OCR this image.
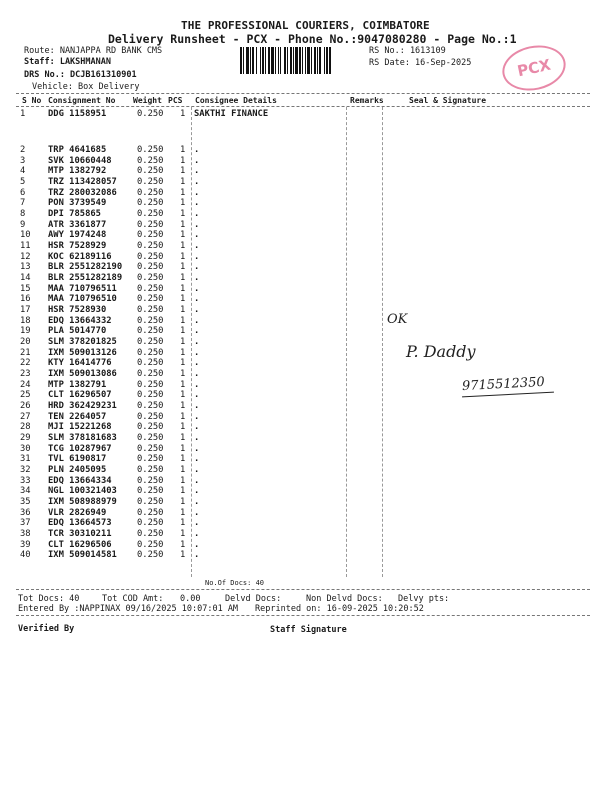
THE PROFESSIONAL COURIERS, COIMBATORE
Delivery Runsheet - PCX - Phone No.:9047080280 - Page No.:1
Route: NANJAPPA RD BANK CMS
Staff: LAKSHMANAN
DRS No.: DCJB161310901
Vehicle: Box Delivery
RS No.: 1613109
RS Date: 16-Sep-2025	PCX
S No Consignment No Weight PCS Consignee Details	Remarks	Seal & Signature
1	DDG 1158951	0.250 1 SAKTHI FINANCE
2	TRP 4641685	0.250 1 .
3	SVK 10660448	0.250 1 .
4	MTP 1382792	0.250 1 .
5	TRZ 113428057 0.250 1 .
6	TRZ 280032086 0.250 1 .
7	PON 3739549	0.250 1 .
8	DPI 785865	0.250 1 .
9	ATR 3361877	0.250 1 .
10 AWY 1974248	0.250 1 .
11 HSR 7528929	0.250 1 .
12 KOC 62189116	0.250 1 .
13 BLR 2551282190 0.250 1 .
14 BLR 2551282189 0.250 1 .
15 MAA 710796511 0.250 1 .
16 MAA 710796510 0.250 1 .
17 HSR 7528930	0.250 1 .
18 EDQ 13664332	0.250 1 .
19 PLA 5014770	0.250 1 .
20 SLM 378201825 0.250 1 .
21 IXM 509013126 0.250 1 .
22 KTY 16414776	0.250 1 .
23 IXM 509013086 0.250 1 .
24 MTP 1382791	0.250 1 .
25 CLT 16296507	0.250 1 .
26 HRD 362429231 0.250 1 .
27 TEN 2264057	0.250 1 .
28 MJI 15221268	0.250 1 .
29 SLM 378181683 0.250 1 .
30 TCG 10287967	0.250 1 .
31 TVL 6190817	0.250 1 .
32 PLN 2405095	0.250 1 .
33 EDQ 13664334	0.250 1 .
34 NGL 100321403 0.250 1 .
35 IXM 508988979 0.250 1 .
36 VLR 2826949	0.250 1 .
37 EDQ 13664573	0.250 1 .
38 TCR 30310211	0.250 1 .
39 CLT 16296506	0.250 1 .
40 IXM 509014581 0.250 1 .
No.Of Docs: 40
OK
P. Daddy
9715512350
Tot Docs: 40	Tot COD Amt: 0.00	Delvd Docs:	Non Delvd Docs: Delvy pts:
Entered By :NAPPINAX 09/16/2025 10:07:01 AM Reprinted on: 16-09-2025 10:20:52
Verified By	Staff Signature
